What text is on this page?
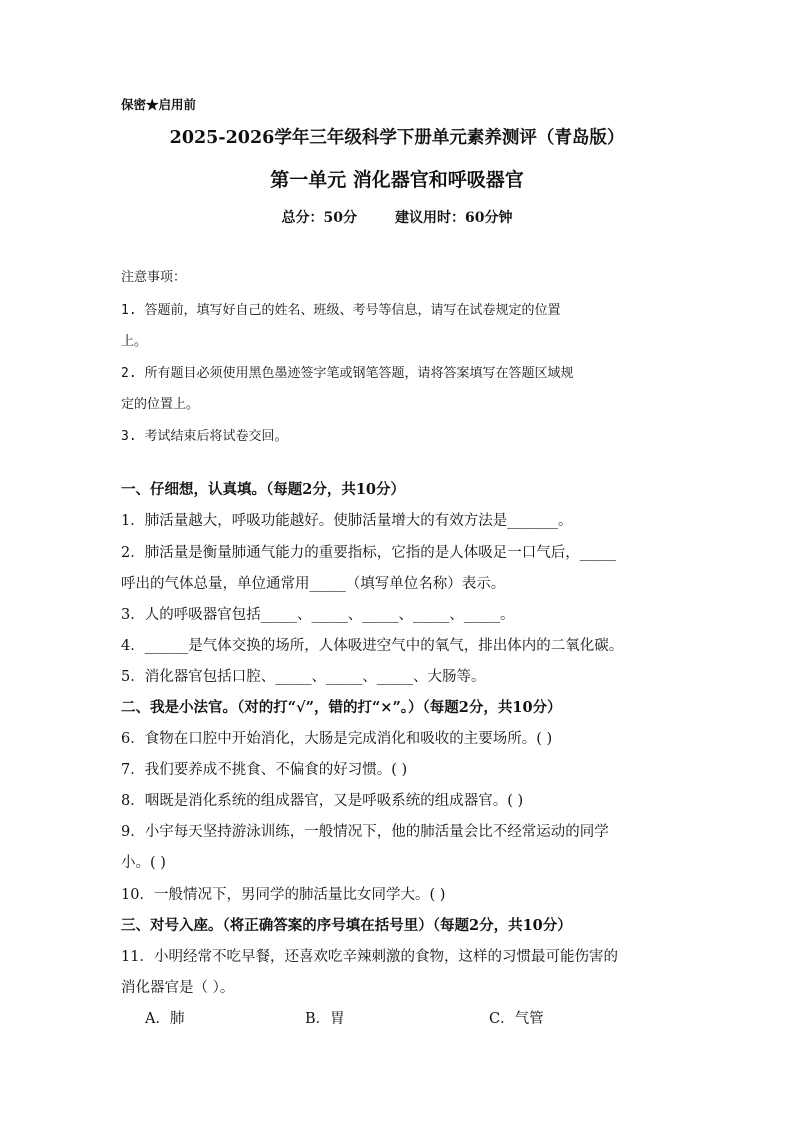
保密★启用前
2025-2026学年三年级科学下册单元素养测评（青岛版）
第一单元 消化器官和呼吸器官
总分：50分	建议用时：60分钟
注意事项：
1. 答题前，填写好自己的姓名、班级、考号等信息，请写在试卷规定的位置
上。
2. 所有题目必须使用黑色墨迹签字笔或钢笔答题，请将答案填写在答题区域规
定的位置上。
3. 考试结束后将试卷交回。
一、仔细想，认真填。（每题2分，共10分）
1．肺活量越大，呼吸功能越好。使肺活量增大的有效方法是_______。
2．肺活量是衡量肺通气能力的重要指标，它指的是人体吸足一口气后，_____
呼出的气体总量，单位通常用_____（填写单位名称）表示。
3．人的呼吸器官包括_____、_____、_____、_____、_____。
4．______是气体交换的场所，人体吸进空气中的氧气，排出体内的二氧化碳。
5．消化器官包括口腔、_____、_____、_____、大肠等。
二、我是小法官。（对的打“√”，错的打“×”。）（每题2分，共10分）
6．食物在口腔中开始消化，大肠是完成消化和吸收的主要场所。( )
7．我们要养成不挑食、不偏食的好习惯。( )
8．咽既是消化系统的组成器官，又是呼吸系统的组成器官。( )
9．小宇每天坚持游泳训练，一般情况下，他的肺活量会比不经常运动的同学
小。( )
10．一般情况下，男同学的肺活量比女同学大。( )
三、对号入座。（将正确答案的序号填在括号里）（每题2分，共10分）
11．小明经常不吃早餐，还喜欢吃辛辣刺激的食物，这样的习惯最可能伤害的
消化器官是（ ）。
A．肺	B．胃	C．气管
